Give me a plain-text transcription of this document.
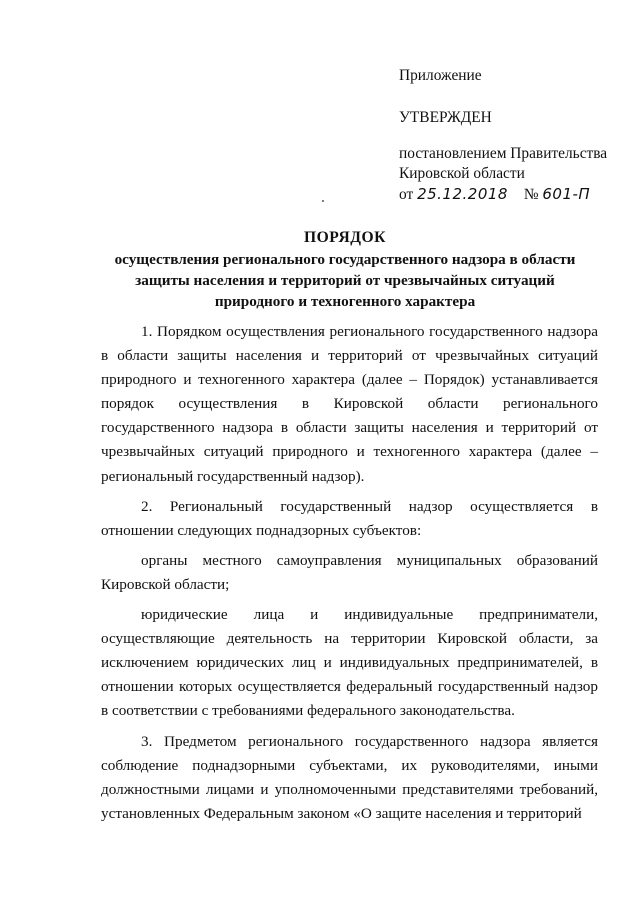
Приложение
УТВЕРЖДЕН
постановлением Правительства
Кировской области
от 25.12.2018 № 601-П
ПОРЯДОК
осуществления регионального государственного надзора в области защиты населения и территорий от чрезвычайных ситуаций природного и техногенного характера

1. Порядком осуществления регионального государственного надзора в области защиты населения и территорий от чрезвычайных ситуаций природного и техногенного характера (далее – Порядок) устанавливается порядок осуществления в Кировской области регионального государственного надзора в области защиты населения и территорий от чрезвычайных ситуаций природного и техногенного характера (далее – региональный государственный надзор).

2. Региональный государственный надзор осуществляется в отношении следующих поднадзорных субъектов:

органы местного самоуправления муниципальных образований Кировской области;

юридические лица и индивидуальные предприниматели, осуществляющие деятельность на территории Кировской области, за исключением юридических лиц и индивидуальных предпринимателей, в отношении которых осуществляется федеральный государственный надзор в соответствии с требованиями федерального законодательства.

3. Предметом регионального государственного надзора является соблюдение поднадзорными субъектами, их руководителями, иными должностными лицами и уполномоченными представителями требований, установленных Федеральным законом «О защите населения и территорий
